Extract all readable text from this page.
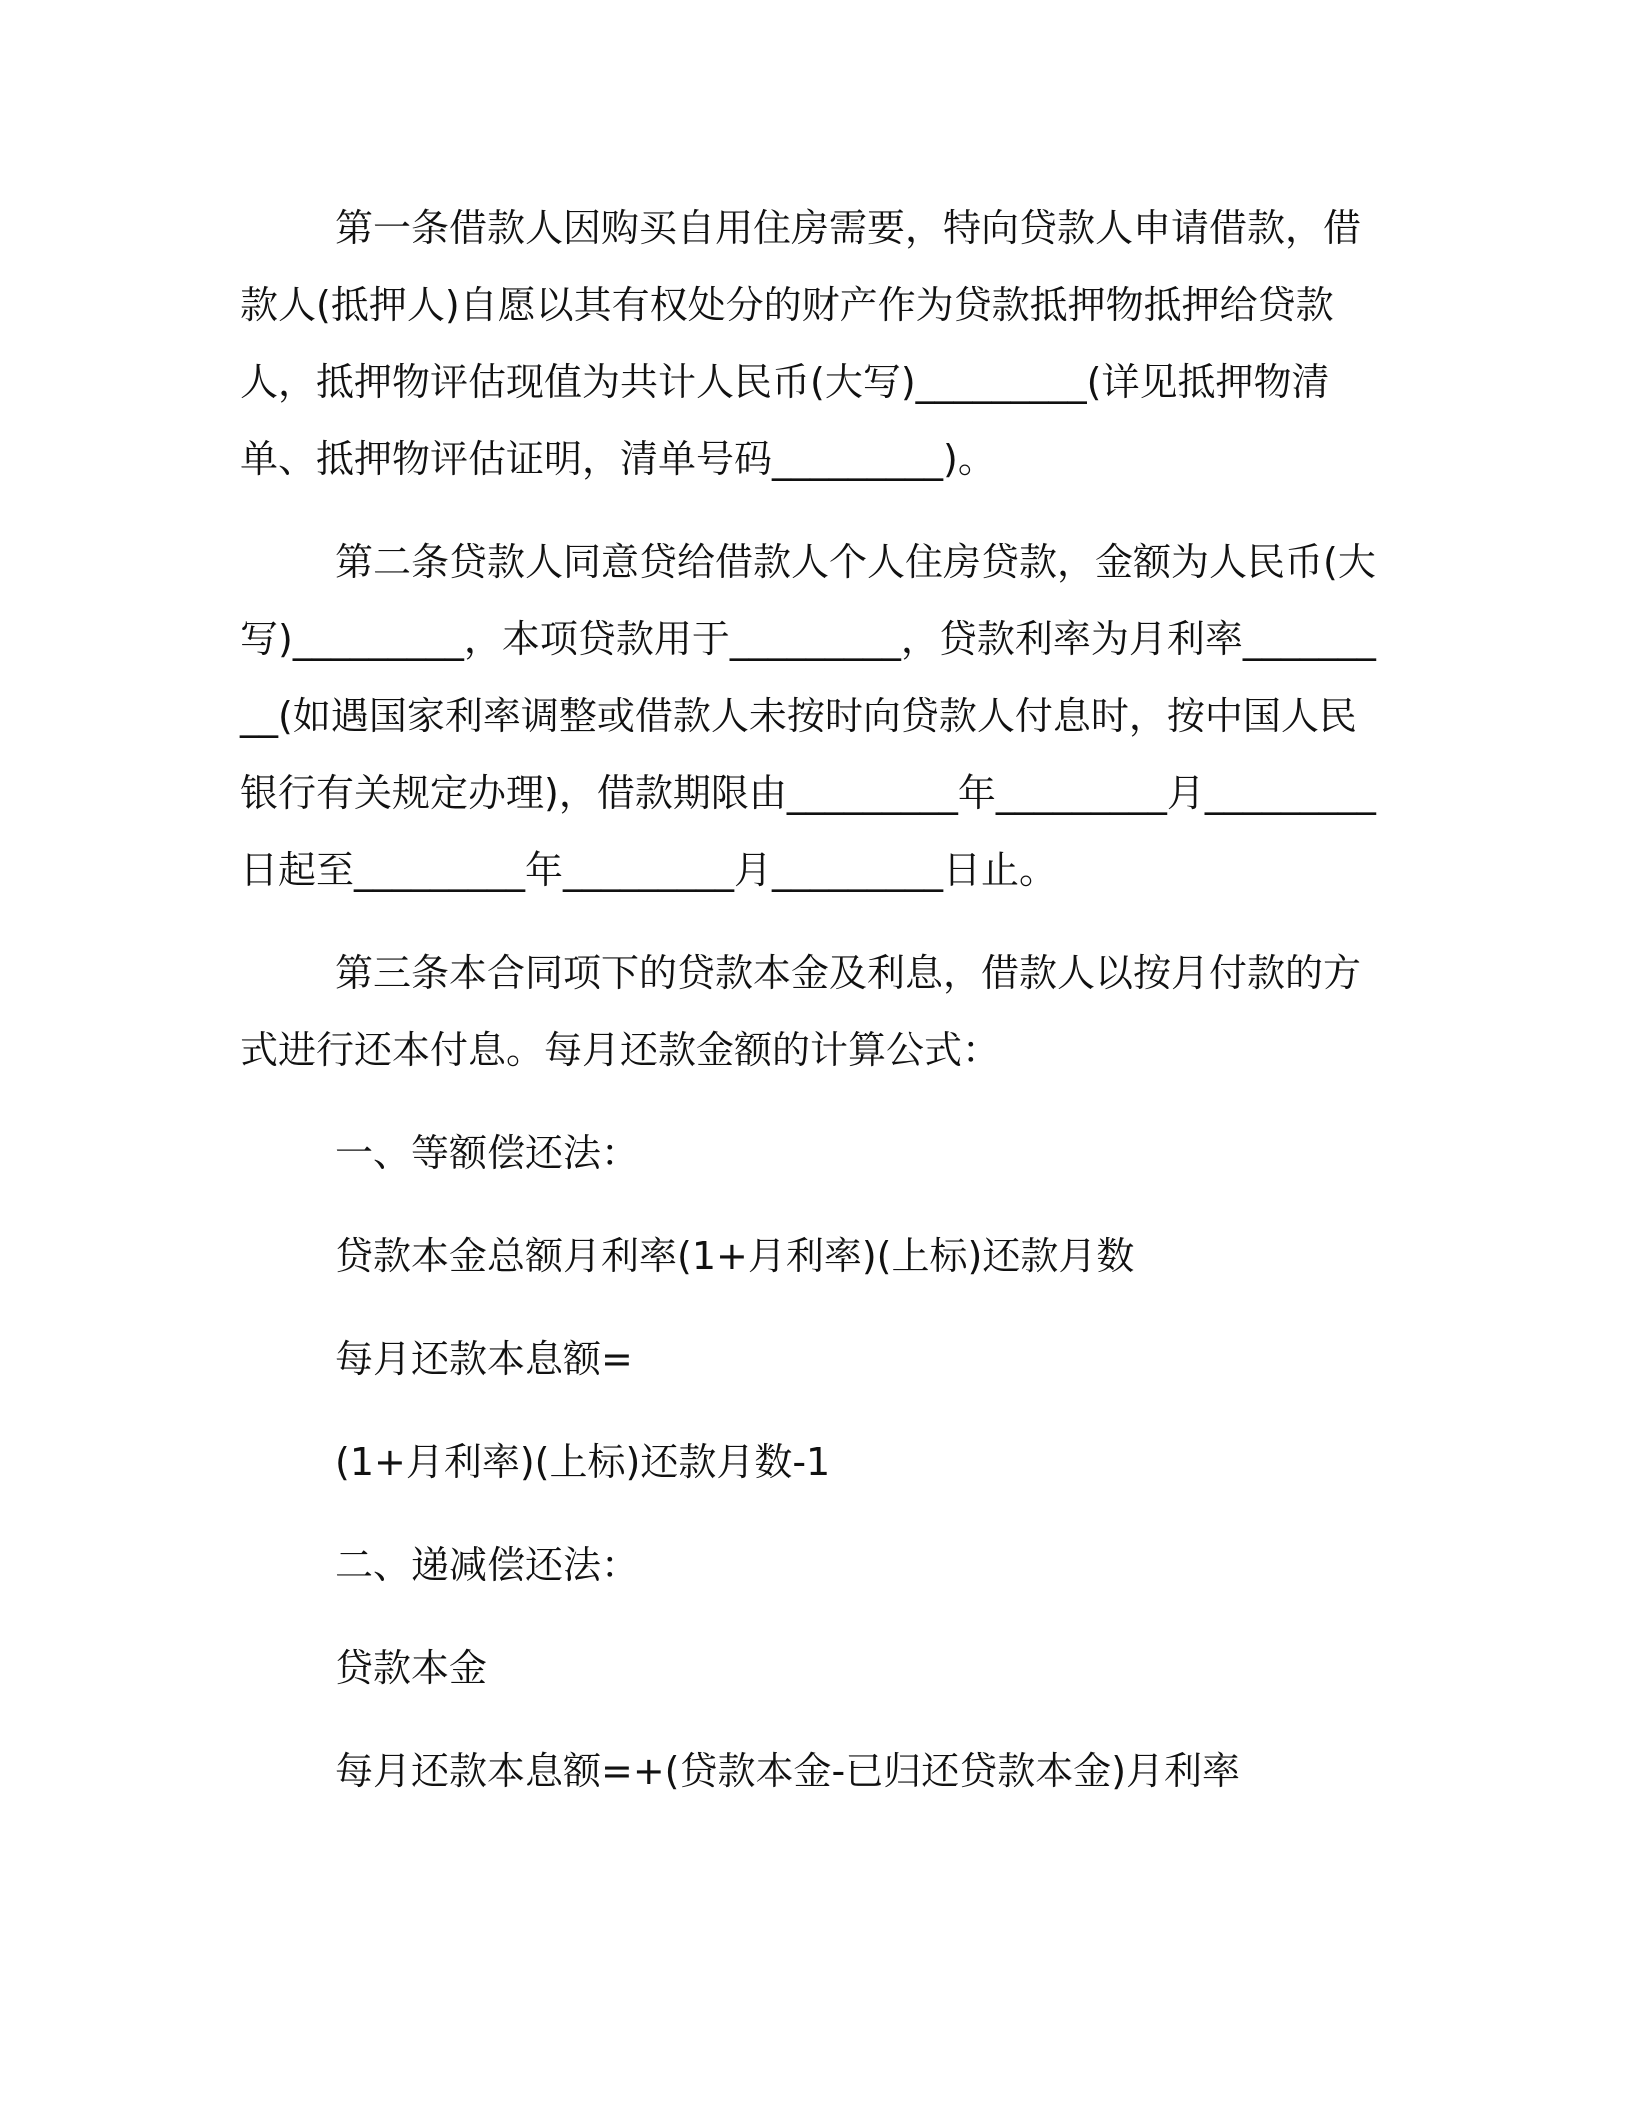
第一条借款人因购买自用住房需要，特向贷款人申请借款，借款人(抵押人)自愿以其有权处分的财产作为贷款抵押物抵押给贷款人，抵押物评估现值为共计人民币(大写)_________(详见抵押物清单、抵押物评估证明，清单号码_________)。

第二条贷款人同意贷给借款人个人住房贷款，金额为人民币(大写)_________，本项贷款用于_________，贷款利率为月利率_________(如遇国家利率调整或借款人未按时向贷款人付息时，按中国人民银行有关规定办理)，借款期限由_________年_________月_________日起至_________年_________月_________日止。

第三条本合同项下的贷款本金及利息，借款人以按月付款的方式进行还本付息。每月还款金额的计算公式：

一、等额偿还法：

贷款本金总额月利率(1+月利率)(上标)还款月数

每月还款本息额=

(1+月利率)(上标)还款月数-1

二、递减偿还法：

贷款本金

每月还款本息额=+(贷款本金-已归还贷款本金)月利率
